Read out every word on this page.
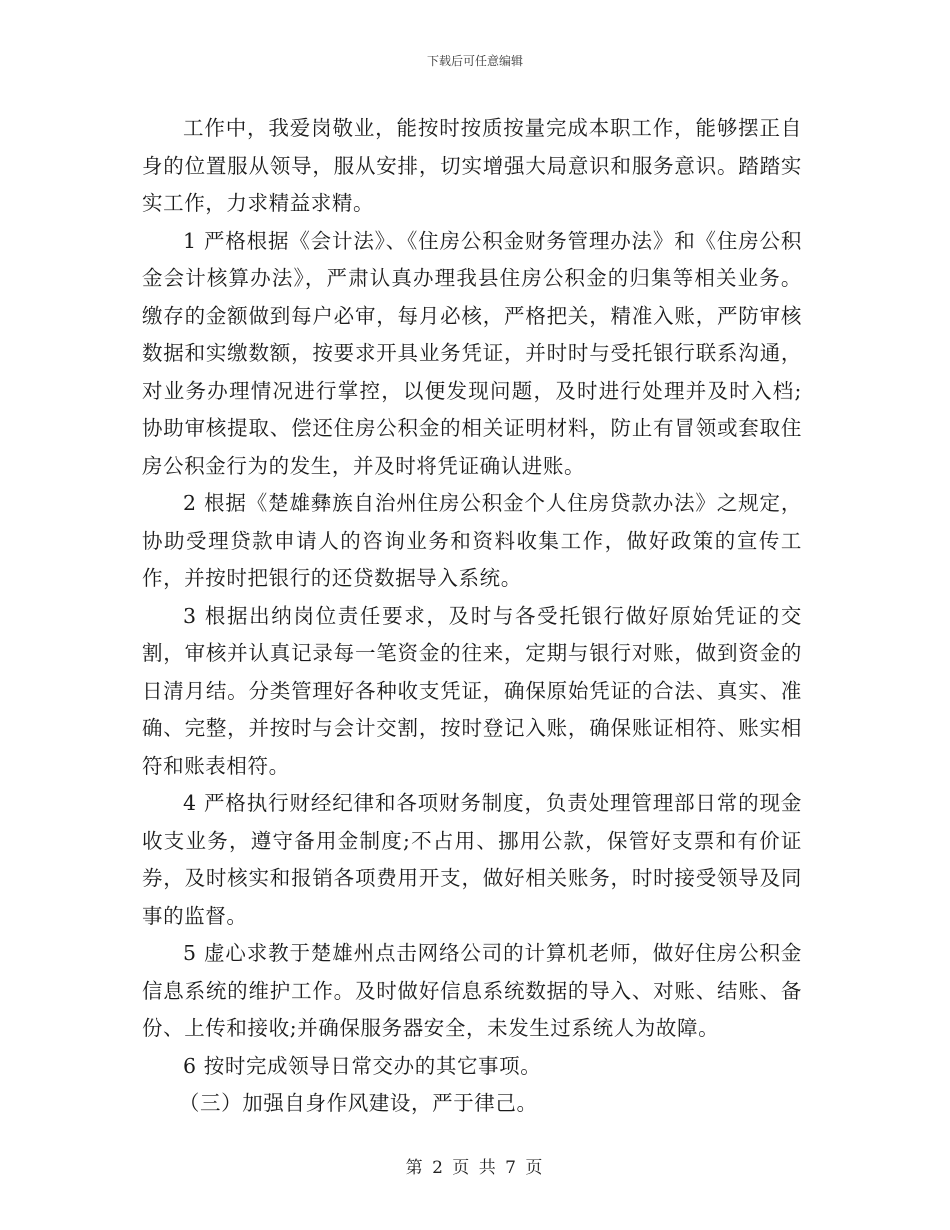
下载后可任意编辑

工作中，我爱岗敬业，能按时按质按量完成本职工作，能够摆正自身的位置服从领导，服从安排，切实增强大局意识和服务意识。踏踏实实工作，力求精益求精。

1 严格根据《会计法》、《住房公积金财务管理办法》和《住房公积金会计核算办法》，严肃认真办理我县住房公积金的归集等相关业务。缴存的金额做到每户必审，每月必核，严格把关，精准入账，严防审核数据和实缴数额，按要求开具业务凭证，并时时与受托银行联系沟通，对业务办理情况进行掌控，以便发现问题，及时进行处理并及时入档;协助审核提取、偿还住房公积金的相关证明材料，防止有冒领或套取住房公积金行为的发生，并及时将凭证确认进账。

2 根据《楚雄彝族自治州住房公积金个人住房贷款办法》之规定，协助受理贷款申请人的咨询业务和资料收集工作，做好政策的宣传工作，并按时把银行的还贷数据导入系统。

3 根据出纳岗位责任要求，及时与各受托银行做好原始凭证的交割，审核并认真记录每一笔资金的往来，定期与银行对账，做到资金的日清月结。分类管理好各种收支凭证，确保原始凭证的合法、真实、准确、完整，并按时与会计交割，按时登记入账，确保账证相符、账实相符和账表相符。

4 严格执行财经纪律和各项财务制度，负责处理管理部日常的现金收支业务，遵守备用金制度;不占用、挪用公款，保管好支票和有价证券，及时核实和报销各项费用开支，做好相关账务，时时接受领导及同事的监督。

5 虚心求教于楚雄州点击网络公司的计算机老师，做好住房公积金信息系统的维护工作。及时做好信息系统数据的导入、对账、结账、备份、上传和接收;并确保服务器安全，未发生过系统人为故障。

6 按时完成领导日常交办的其它事项。

（三）加强自身作风建设，严于律己。

第 2 页 共 7 页
